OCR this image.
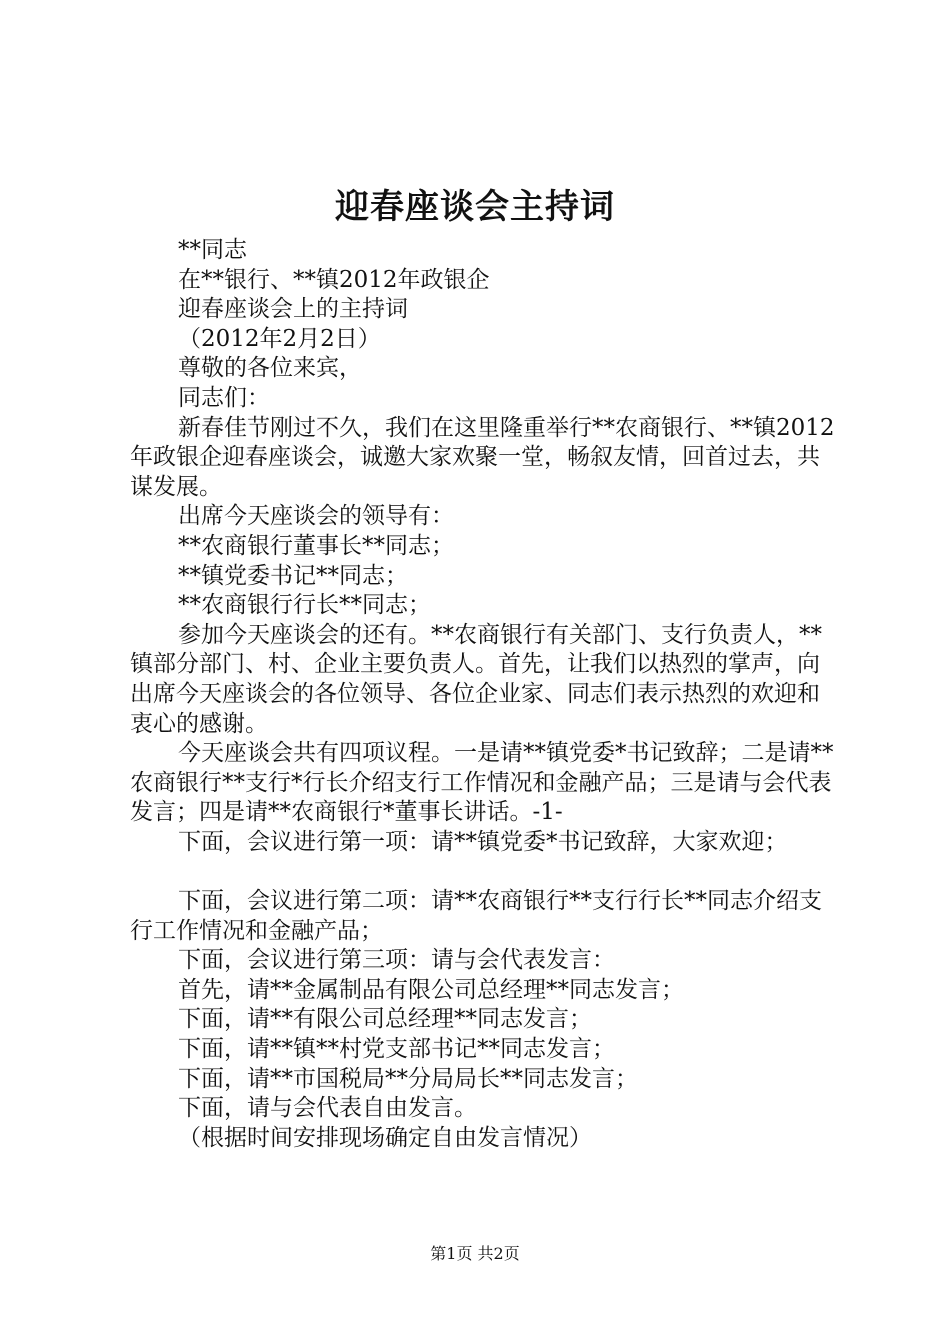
迎春座谈会主持词

**同志

在**银行、**镇2012年政银企

迎春座谈会上的主持词

（2012年2月2日）

尊敬的各位来宾，

同志们：

新春佳节刚过不久，我们在这里隆重举行**农商银行、**镇2012年政银企迎春座谈会，诚邀大家欢聚一堂，畅叙友情，回首过去，共谋发展。

出席今天座谈会的领导有：

**农商银行董事长**同志；

**镇党委书记**同志；

**农商银行行长**同志；

参加今天座谈会的还有。**农商银行有关部门、支行负责人，**镇部分部门、村、企业主要负责人。首先，让我们以热烈的掌声，向出席今天座谈会的各位领导、各位企业家、同志们表示热烈的欢迎和衷心的感谢。

今天座谈会共有四项议程。一是请**镇党委*书记致辞；二是请**农商银行**支行*行长介绍支行工作情况和金融产品；三是请与会代表发言；四是请**农商银行*董事长讲话。-1-

下面，会议进行第一项：请**镇党委*书记致辞，大家欢迎；

下面，会议进行第二项：请**农商银行**支行行长**同志介绍支行工作情况和金融产品；

下面，会议进行第三项：请与会代表发言：

首先，请**金属制品有限公司总经理**同志发言；

下面，请**有限公司总经理**同志发言；

下面，请**镇**村党支部书记**同志发言；

下面，请**市国税局**分局局长**同志发言；

下面，请与会代表自由发言。

（根据时间安排现场确定自由发言情况）

第1页 共2页
